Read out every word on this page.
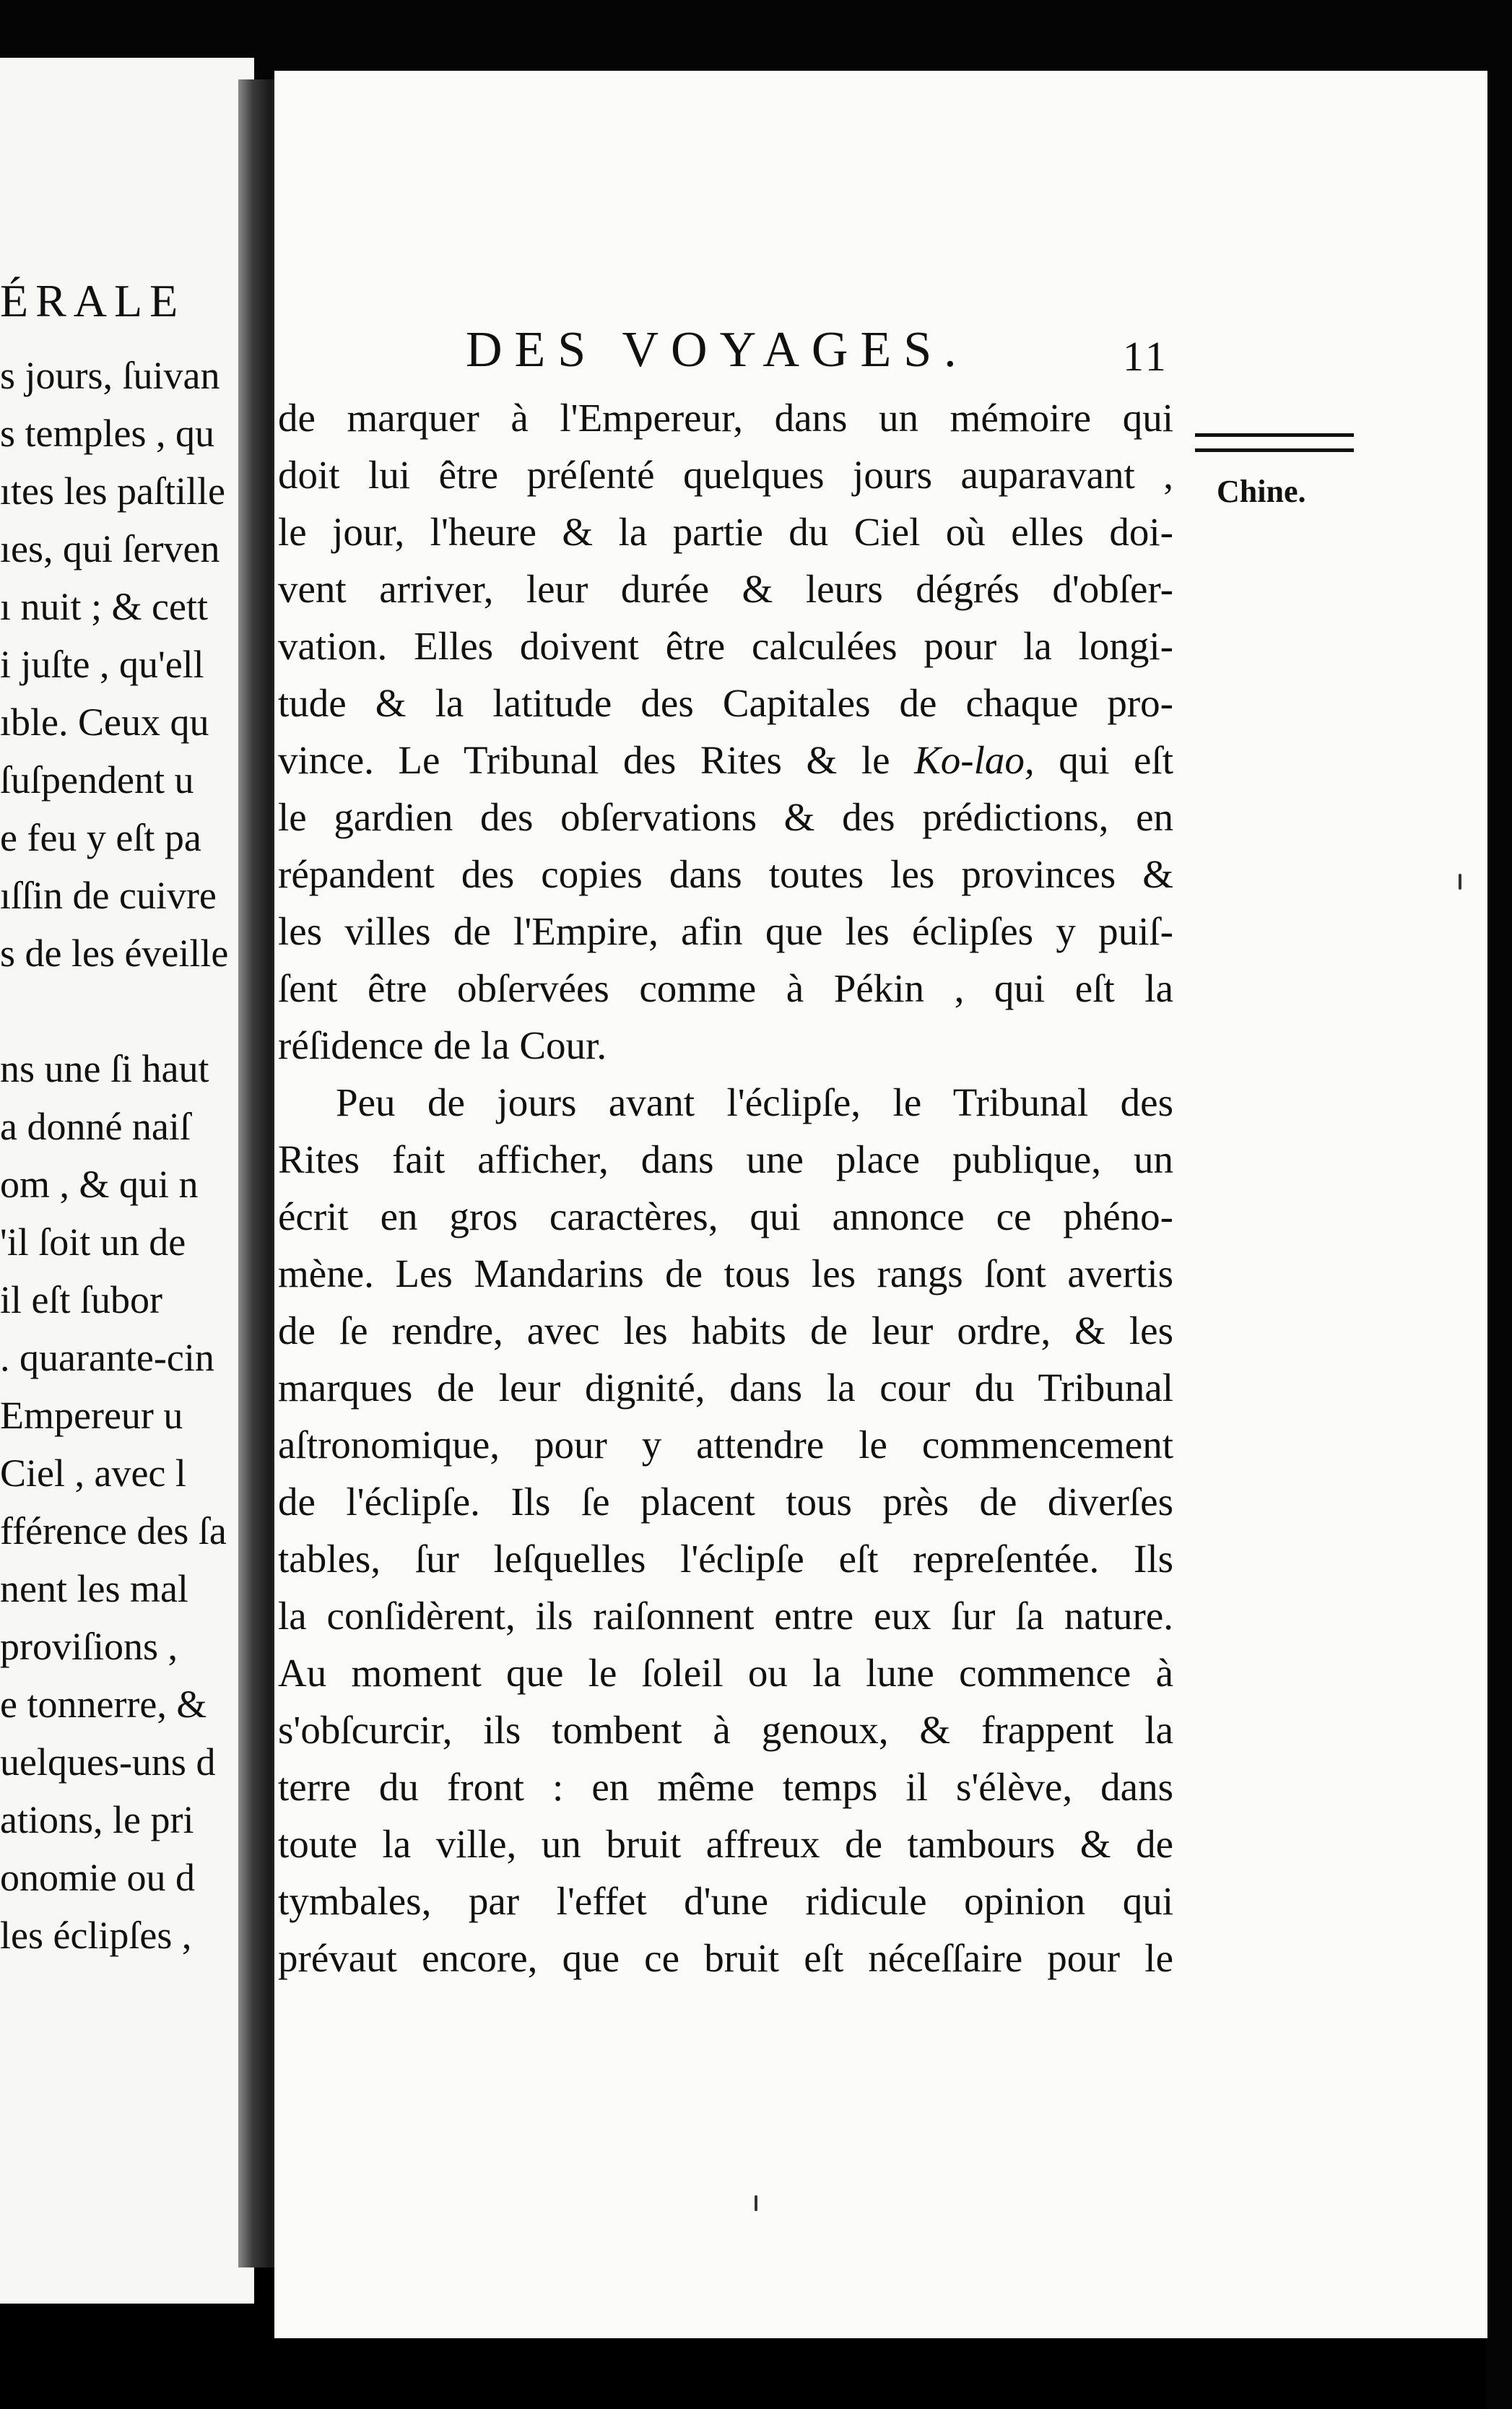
ÉRALE
s jours, ſuivan
s temples , qu
ıtes les paſtille
ıes, qui ſerven
ı nuit ; & cett
i juſte , qu'ell
ıble. Ceux qu
ſuſpendent u
e feu y eſt pa
ıſſin de cuivre
s de les éveille
ns une ſi haut
a donné naiſ
om , & qui n
'il ſoit un de
il eſt ſubor
. quarante-cin
Empereur u
Ciel , avec l
fférence des ſa
nent les mal
proviſions ,
e tonnerre, &
uelques-uns d
ations, le pri
onomie ou d
les éclipſes ,
DES VOYAGES.	11
Chine.
de marquer à l'Empereur, dans un mémoire qui
doit lui être préſenté quelques jours auparavant ,
le jour, l'heure & la partie du Ciel où elles doi-
vent arriver, leur durée & leurs dégrés d'obſer-
vation. Elles doivent être calculées pour la longi-
tude & la latitude des Capitales de chaque pro-
vince. Le Tribunal des Rites & le Ko-lao, qui eſt
le gardien des obſervations & des prédictions, en
répandent des copies dans toutes les provinces &
les villes de l'Empire, afin que les éclipſes y puiſ-
ſent être obſervées comme à Pékin , qui eſt la
réſidence de la Cour.
Peu de jours avant l'éclipſe, le Tribunal des
Rites fait afficher, dans une place publique, un
écrit en gros caractères, qui annonce ce phéno-
mène. Les Mandarins de tous les rangs ſont avertis
de ſe rendre, avec les habits de leur ordre, & les
marques de leur dignité, dans la cour du Tribunal
aſtronomique, pour y attendre le commencement
de l'éclipſe. Ils ſe placent tous près de diverſes
tables, ſur leſquelles l'éclipſe eſt repreſentée. Ils
la conſidèrent, ils raiſonnent entre eux ſur ſa nature.
Au moment que le ſoleil ou la lune commence à
s'obſcurcir, ils tombent à genoux, & frappent la
terre du front : en même temps il s'élève, dans
toute la ville, un bruit affreux de tambours & de
tymbales, par l'effet d'une ridicule opinion qui
prévaut encore, que ce bruit eſt néceſſaire pour le
